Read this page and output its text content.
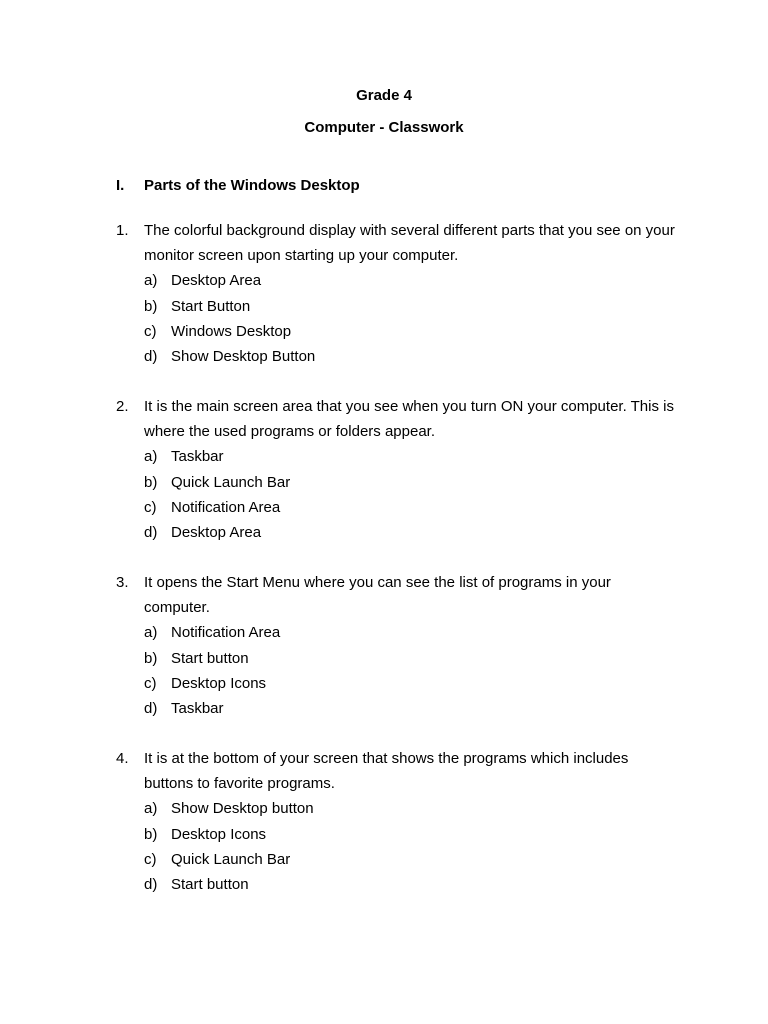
Grade 4
Computer - Classwork
I. Parts of the Windows Desktop
1.	The colorful background display with several different parts that you see on your monitor screen upon starting up your computer.
a) Desktop Area
b) Start Button
c) Windows Desktop
d) Show Desktop Button
2.	It is the main screen area that you see when you turn ON your computer. This is where the used programs or folders appear.
a) Taskbar
b) Quick Launch Bar
c) Notification Area
d) Desktop Area
3.	It opens the Start Menu where you can see the list of programs in your computer.
a) Notification Area
b) Start button
c) Desktop Icons
d) Taskbar
4.	It is at the bottom of your screen that shows the programs which includes buttons to favorite programs.
a) Show Desktop button
b) Desktop Icons
c) Quick Launch Bar
d) Start button
